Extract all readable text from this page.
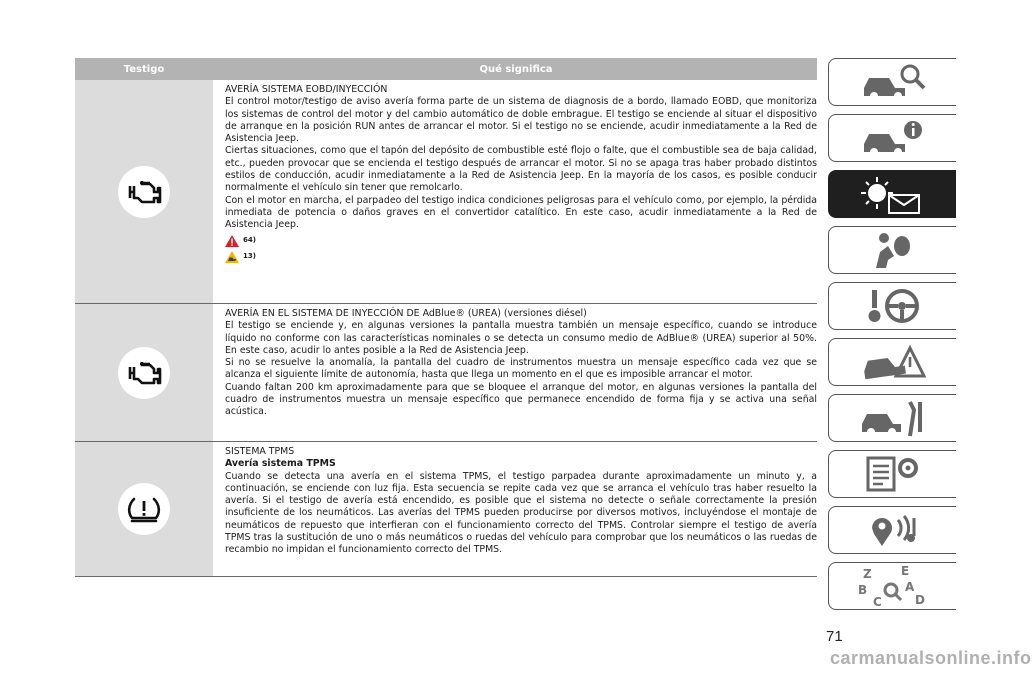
Testigo	Qué significa

AVERÍA SISTEMA EOBD/INYECCIÓN

El control motor/testigo de aviso avería forma parte de un sistema de diagnosis de a bordo, llamado EOBD, que monitoriza los sistemas de control del motor y del cambio automático de doble embrague. El testigo se enciende al situar el dispositivo de arranque en la posición RUN antes de arrancar el motor. Si el testigo no se enciende, acudir inmediatamente a la Red de Asistencia Jeep.

Ciertas situaciones, como que el tapón del depósito de combustible esté flojo o falte, que el combustible sea de baja calidad, etc., pueden provocar que se encienda el testigo después de arrancar el motor. Si no se apaga tras haber probado distintos estilos de conducción, acudir inmediatamente a la Red de Asistencia Jeep. En la mayoría de los casos, es posible conducir normalmente el vehículo sin tener que remolcarlo.

Con el motor en marcha, el parpadeo del testigo indica condiciones peligrosas para el vehículo como, por ejemplo, la pérdida inmediata de potencia o daños graves en el convertidor catalítico. En este caso, acudir inmediatamente a la Red de Asistencia Jeep.

64)
13)

AVERÍA EN EL SISTEMA DE INYECCIÓN DE AdBlue® (UREA) (versiones diésel)

El testigo se enciende y, en algunas versiones la pantalla muestra también un mensaje específico, cuando se introduce líquido no conforme con las características nominales o se detecta un consumo medio de AdBlue® (UREA) superior al 50%. En este caso, acudir lo antes posible a la Red de Asistencia Jeep.

Si no se resuelve la anomalía, la pantalla del cuadro de instrumentos muestra un mensaje específico cada vez que se alcanza el siguiente límite de autonomía, hasta que llega un momento en el que es imposible arrancar el motor.

Cuando faltan 200 km aproximadamente para que se bloquee el arranque del motor, en algunas versiones la pantalla del cuadro de instrumentos muestra un mensaje específico que permanece encendido de forma fija y se activa una señal acústica.

SISTEMA TPMS

Avería sistema TPMS

Cuando se detecta una avería en el sistema TPMS, el testigo parpadea durante aproximadamente un minuto y, a continuación, se enciende con luz fija. Esta secuencia se repite cada vez que se arranca el vehículo tras haber resuelto la avería. Si el testigo de avería está encendido, es posible que el sistema no detecte o señale correctamente la presión insuficiente de los neumáticos. Las averías del TPMS pueden producirse por diversos motivos, incluyéndose el montaje de neumáticos de repuesto que interfieran con el funcionamiento correcto del TPMS. Controlar siempre el testigo de avería TPMS tras la sustitución de uno o más neumáticos o ruedas del vehículo para comprobar que los neumáticos o las ruedas de recambio no impidan el funcionamiento correcto del TPMS.

Z E
B	A
D
C
71
carmanualsonline.info
